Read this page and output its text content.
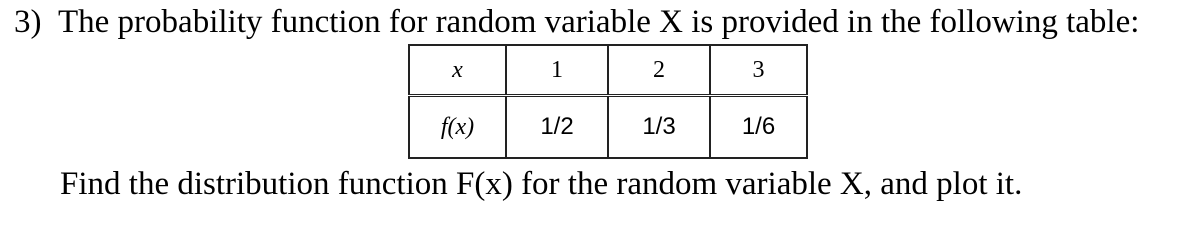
3) The probability function for random variable X is provided in the following table:
x	1	2	3
f(x)	1/2	1/3	1/6
Find the distribution function F(x) for the random variable X, and plot it.
